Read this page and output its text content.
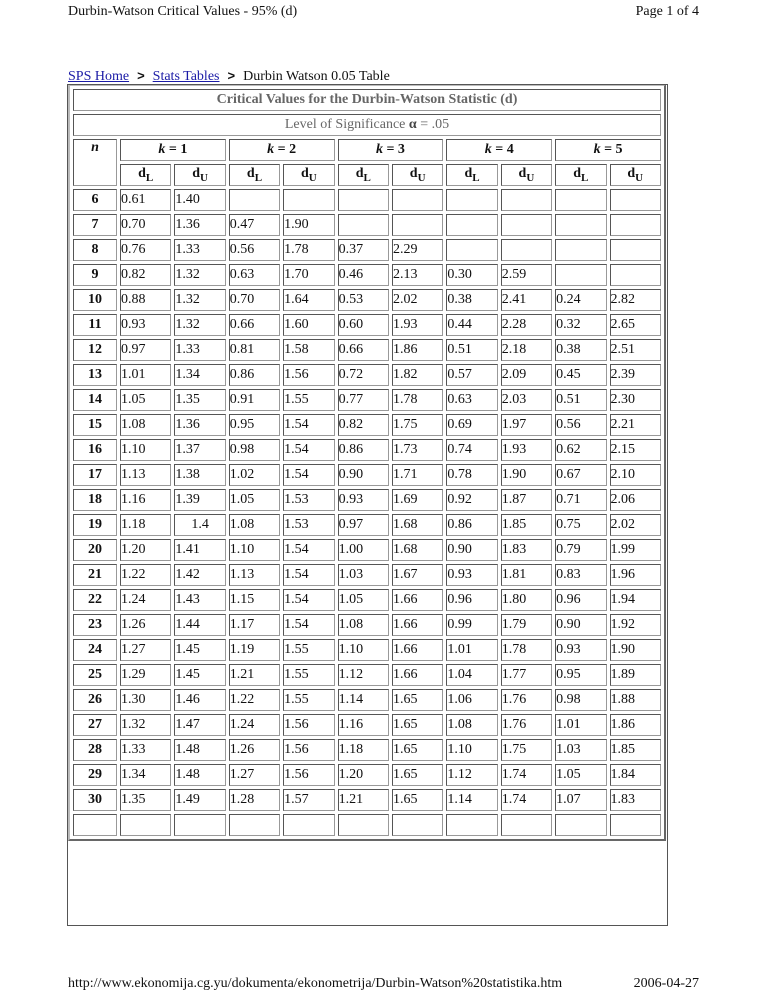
Durbin-Watson Critical Values - 95% (d)	Page 1 of 4
SPS Home > Stats Tables > Durbin Watson 0.05 Table
Critical Values for the Durbin-Watson Statistic (d)										
Level of Significance α = .05										
n	k = 1		k = 2		k = 3		k = 4		k = 5	
	$d_L$	$d_U$	$d_L$	$d_U$	$d_L$	$d_U$	$d_L$	$d_U$	$d_L$	$d_U$
6	0.61	1.40								
7	0.70	1.36	0.47	1.90						
8	0.76	1.33	0.56	1.78	0.37	2.29				
9	0.82	1.32	0.63	1.70	0.46	2.13	0.30	2.59		
10	0.88	1.32	0.70	1.64	0.53	2.02	0.38	2.41	0.24	2.82
11	0.93	1.32	0.66	1.60	0.60	1.93	0.44	2.28	0.32	2.65
12	0.97	1.33	0.81	1.58	0.66	1.86	0.51	2.18	0.38	2.51
13	1.01	1.34	0.86	1.56	0.72	1.82	0.57	2.09	0.45	2.39
14	1.05	1.35	0.91	1.55	0.77	1.78	0.63	2.03	0.51	2.30
15	1.08	1.36	0.95	1.54	0.82	1.75	0.69	1.97	0.56	2.21
16	1.10	1.37	0.98	1.54	0.86	1.73	0.74	1.93	0.62	2.15
17	1.13	1.38	1.02	1.54	0.90	1.71	0.78	1.90	0.67	2.10
18	1.16	1.39	1.05	1.53	0.93	1.69	0.92	1.87	0.71	2.06
19	1.18	1.4	1.08	1.53	0.97	1.68	0.86	1.85	0.75	2.02
20	1.20	1.41	1.10	1.54	1.00	1.68	0.90	1.83	0.79	1.99
21	1.22	1.42	1.13	1.54	1.03	1.67	0.93	1.81	0.83	1.96
22	1.24	1.43	1.15	1.54	1.05	1.66	0.96	1.80	0.96	1.94
23	1.26	1.44	1.17	1.54	1.08	1.66	0.99	1.79	0.90	1.92
24	1.27	1.45	1.19	1.55	1.10	1.66	1.01	1.78	0.93	1.90
25	1.29	1.45	1.21	1.55	1.12	1.66	1.04	1.77	0.95	1.89
26	1.30	1.46	1.22	1.55	1.14	1.65	1.06	1.76	0.98	1.88
27	1.32	1.47	1.24	1.56	1.16	1.65	1.08	1.76	1.01	1.86
28	1.33	1.48	1.26	1.56	1.18	1.65	1.10	1.75	1.03	1.85
29	1.34	1.48	1.27	1.56	1.20	1.65	1.12	1.74	1.05	1.84
30	1.35	1.49	1.28	1.57	1.21	1.65	1.14	1.74	1.07	1.83

http://www.ekonomija.cg.yu/dokumenta/ekonometrija/Durbin-Watson%20statistika.htm	2006-04-27
